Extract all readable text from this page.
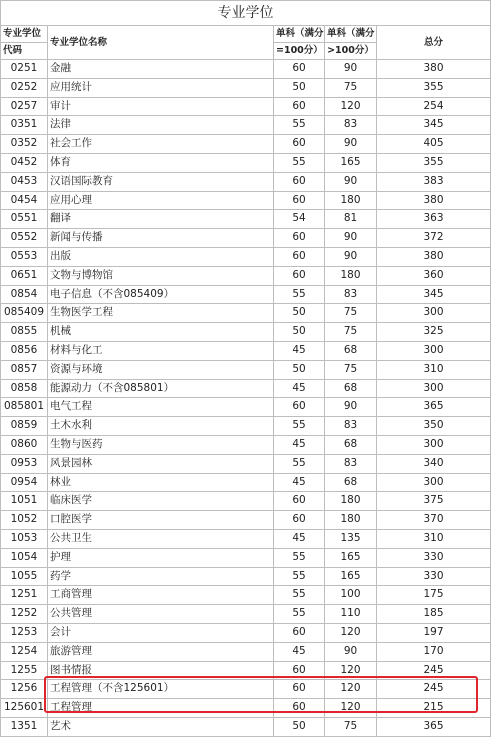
专业学位				
专业学位	专业学位名称	单科（满分	单科（满分	总分
代码		=100分）	>100分）	
0251	金融	60	90	380
0252	应用统计	50	75	355
0257	审计	60	120	254
0351	法律	55	83	345
0352	社会工作	60	90	405
0452	体育	55	165	355
0453	汉语国际教育	60	90	383
0454	应用心理	60	180	380
0551	翻译	54	81	363
0552	新闻与传播	60	90	372
0553	出版	60	90	380
0651	文物与博物馆	60	180	360
0854	电子信息（不含085409）	55	83	345
085409	生物医学工程	50	75	300
0855	机械	50	75	325
0856	材料与化工	45	68	300
0857	资源与环境	50	75	310
0858	能源动力（不含085801）	45	68	300
085801	电气工程	60	90	365
0859	土木水利	55	83	350
0860	生物与医药	45	68	300
0953	风景园林	55	83	340
0954	林业	45	68	300
1051	临床医学	60	180	375
1052	口腔医学	60	180	370
1053	公共卫生	45	135	310
1054	护理	55	165	330
1055	药学	55	165	330
1251	工商管理	55	100	175
1252	公共管理	55	110	185
1253	会计	60	120	197
1254	旅游管理	45	90	170
1255	图书情报	60	120	245
1256	工程管理（不含125601）	60	120	245
125601	工程管理	60	120	215
1351	艺术	50	75	365
